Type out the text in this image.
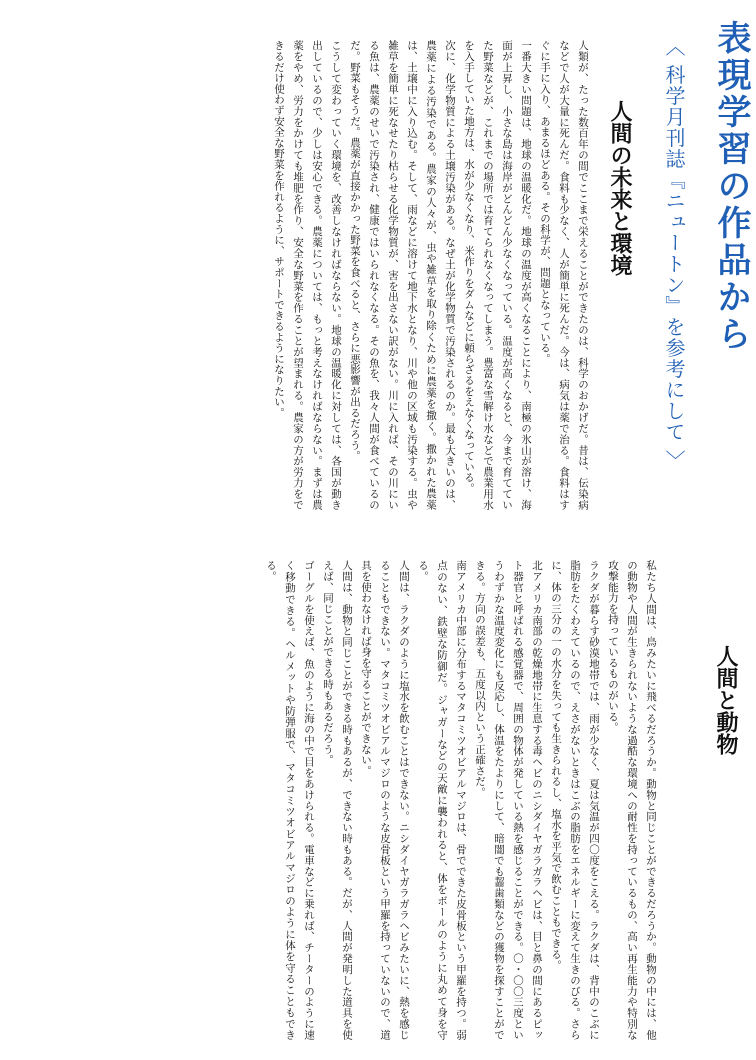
表現学習の作品から
〈 科学月刊誌『ニュートン』を参考にして 〉
人間の未来と環境

人類が、たった数百年の間でここまで栄えることができたのは、科学のおかげだ。昔は、伝染病などで人が大量に死んだ。食料も少なく、人が簡単に死んだ。今は、病気は薬で治る。食料はすぐに手に入り、あまるほどある。その科学が、問題となっている。

一番大きい問題は、地球の温暖化だ。地球の温度が高くなることにより、南極の氷山が溶け、海面が上昇し、小さな島は海岸がどんどん少なくなっている。温度が高くなると、今まで育てていた野菜などが、これまでの場所では育てられなくなってしまう。豊富な雪解け水などで農業用水を入手していた地方は、水が少なくなり、米作りをダムなどに頼らざるをえなくなっている。

次に、化学物質による土壌汚染がある。なぜ土が化学物質で汚染されるのか。最も大きいのは、農薬による汚染である。農家の人々が、虫や雑草を取り除くために農薬を撒く。撒かれた農薬は、土壌中に入り込む。そして、雨などに溶けて地下水となり、川や他の区域も汚染する。虫や雑草を簡単に死なせたり枯らせる化学物質が、害を出さない訳がない。川に入れば、その川にいる魚は、農薬のせいで汚染され、健康ではいられなくなる。その魚を、我々人間が食べているのだ。野菜もそうだ。農薬が直接かかった野菜を食べると、さらに悪影響が出るだろう。

こうして変わっていく環境を、改善しなければならない。地球の温暖化に対しては、各国が動き出しているので、少しは安心できる。農薬については、もっと考えなければならない。まずは農薬をやめ、労力をかけても堆肥を作り、安全な野菜を作ることが望まれる。農家の方が労力をできるだけ使わず安全な野菜を作れるように、サポートできるようになりたい。

人間と動物

私たち人間は、鳥みたいに飛べるだろうか。動物と同じことができるだろうか。動物の中には、他の動物や人間が生きられないような過酷な環境への耐性を持っているもの、高い再生能力や特別な攻撃能力を持っているものがいる。

ラクダが暮らす砂漠地帯では、雨が少なく、夏は気温が四〇度をこえる。ラクダは、背中のこぶに脂肪をたくわえているので、えさがないときはこぶの脂肪をエネルギーに変えて生きのびる。さらに、体の三分の一の水分を失っても生きられるし、塩水を平気で飲むこともできる。

北アメリカ南部の乾燥地帯に生息する毒ヘビのニシダイヤガラガラヘビは、目と鼻の間にあるピット器官と呼ばれる感覚器で、周囲の物体が発している熱を感じることができる。〇・〇〇三度というわずかな温度変化にも反応し、体温をたよりにして、暗闇でも齧歯類などの獲物を探すことができる。方向の誤差も、五度以内という正確さだ。

南アメリカ中部に分布するマタコミツオビアルマジロは、骨でできた皮骨板という甲羅を持つ。弱点のない、鉄壁な防御だ。ジャガーなどの天敵に襲われると、体をボールのように丸めて身を守る。

人間は、ラクダのように塩水を飲むことはできない。ニシダイヤガラガラヘビみたいに、熱を感じることもできない。マタコミツオビアルマジロのような皮骨板という甲羅を持っていないので、道具を使わなければ身を守ることができない。

人間は、動物と同じことができる時もあるが、できない時もある。だが、人間が発明した道具を使えば、同じことができる時もあるだろう。

ゴーグルを使えば、魚のように海の中で目をあけられる。電車などに乗れば、チーターのように速く移動できる。ヘルメットや防弾服で、マタコミツオビアルマジロのように体を守ることもできる。
